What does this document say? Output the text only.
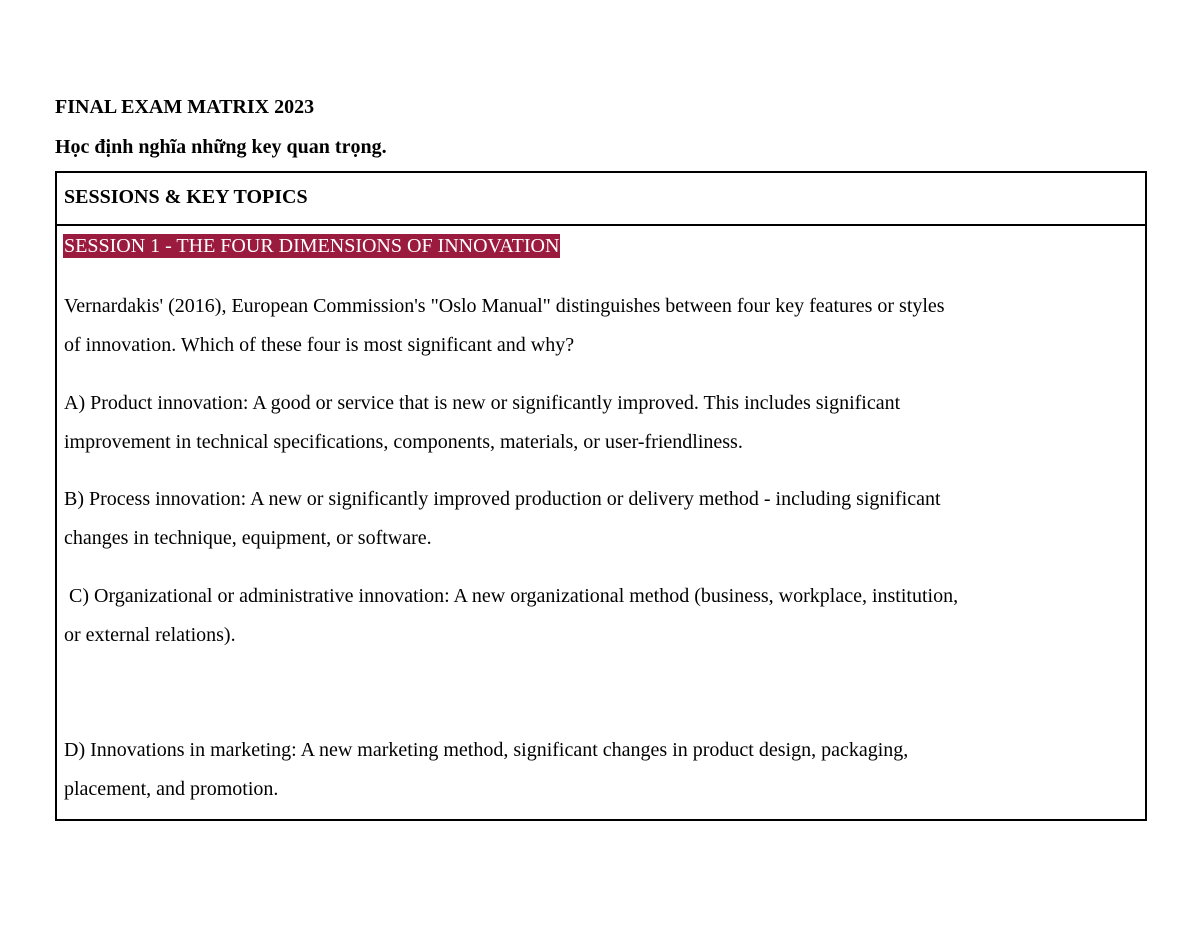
FINAL EXAM MATRIX 2023
Học định nghĩa những key quan trọng.
SESSIONS & KEY TOPICS
SESSION 1 - THE FOUR DIMENSIONS OF INNOVATION
Vernardakis' (2016), European Commission's "Oslo Manual" distinguishes between four key features or styles
of innovation. Which of these four is most significant and why?
A) Product innovation: A good or service that is new or significantly improved. This includes significant
improvement in technical specifications, components, materials, or user-friendliness.
B) Process innovation: A new or significantly improved production or delivery method - including significant
changes in technique, equipment, or software.
C) Organizational or administrative innovation: A new organizational method (business, workplace, institution,
or external relations).
D) Innovations in marketing: A new marketing method, significant changes in product design, packaging,
placement, and promotion.
